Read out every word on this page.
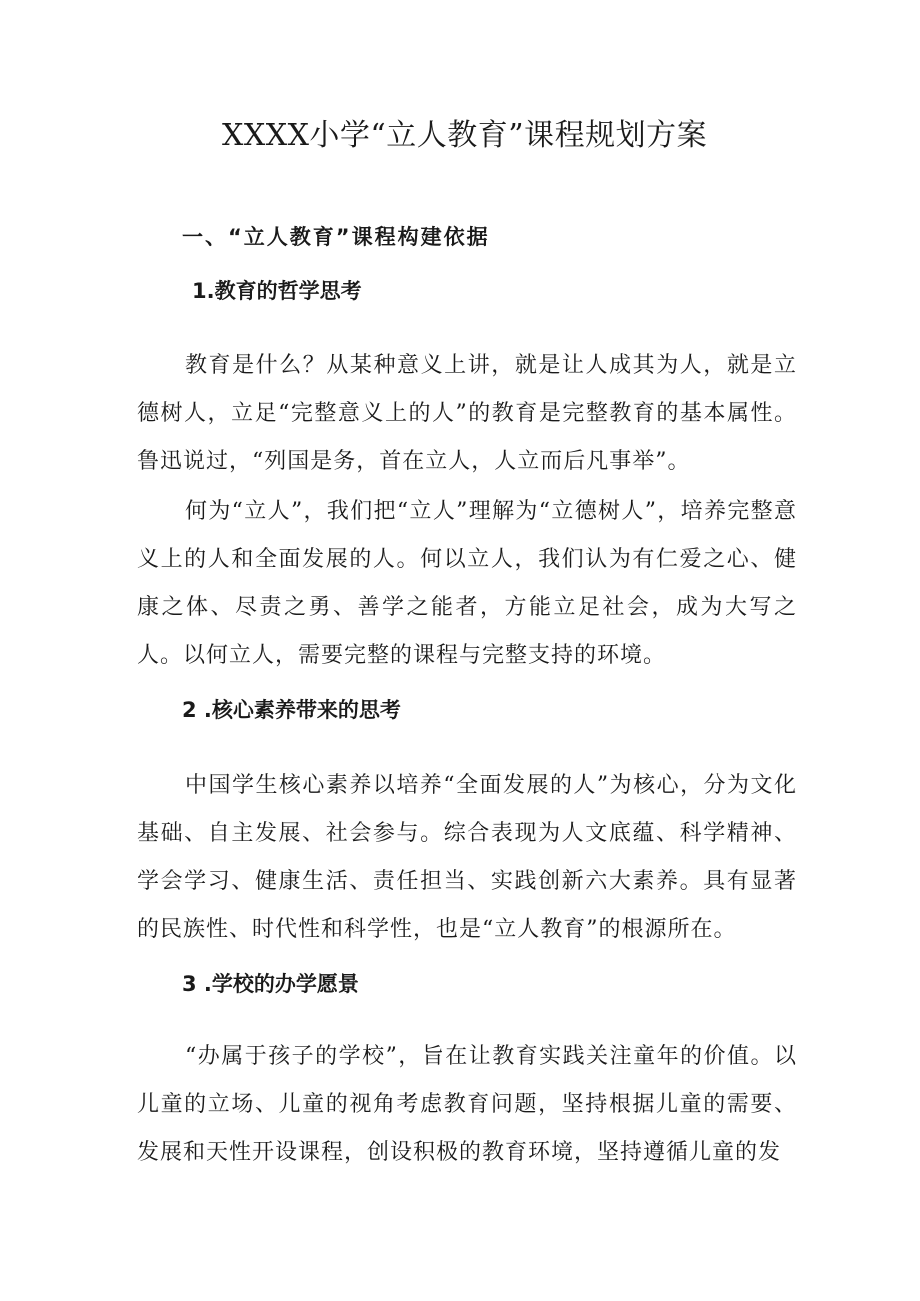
XXXX小学“立人教育”课程规划方案
一、“立人教育”课程构建依据
1.教育的哲学思考

教育是什么？从某种意义上讲，就是让人成其为人，就是立德树人，立足“完整意义上的人”的教育是完整教育的基本属性。鲁迅说过，“列国是务，首在立人，人立而后凡事举”。

何为“立人”，我们把“立人”理解为“立德树人”，培养完整意义上的人和全面发展的人。何以立人，我们认为有仁爱之心、健康之体、尽责之勇、善学之能者，方能立足社会，成为大写之人。以何立人，需要完整的课程与完整支持的环境。

2 .核心素养带来的思考

中国学生核心素养以培养“全面发展的人”为核心，分为文化基础、自主发展、社会参与。综合表现为人文底蕴、科学精神、学会学习、健康生活、责任担当、实践创新六大素养。具有显著的民族性、时代性和科学性，也是“立人教育”的根源所在。

3 .学校的办学愿景

“办属于孩子的学校”，旨在让教育实践关注童年的价值。以儿童的立场、儿童的视角考虑教育问题，坚持根据儿童的需要、发展和天性开设课程，创设积极的教育环境，坚持遵循儿童的发
